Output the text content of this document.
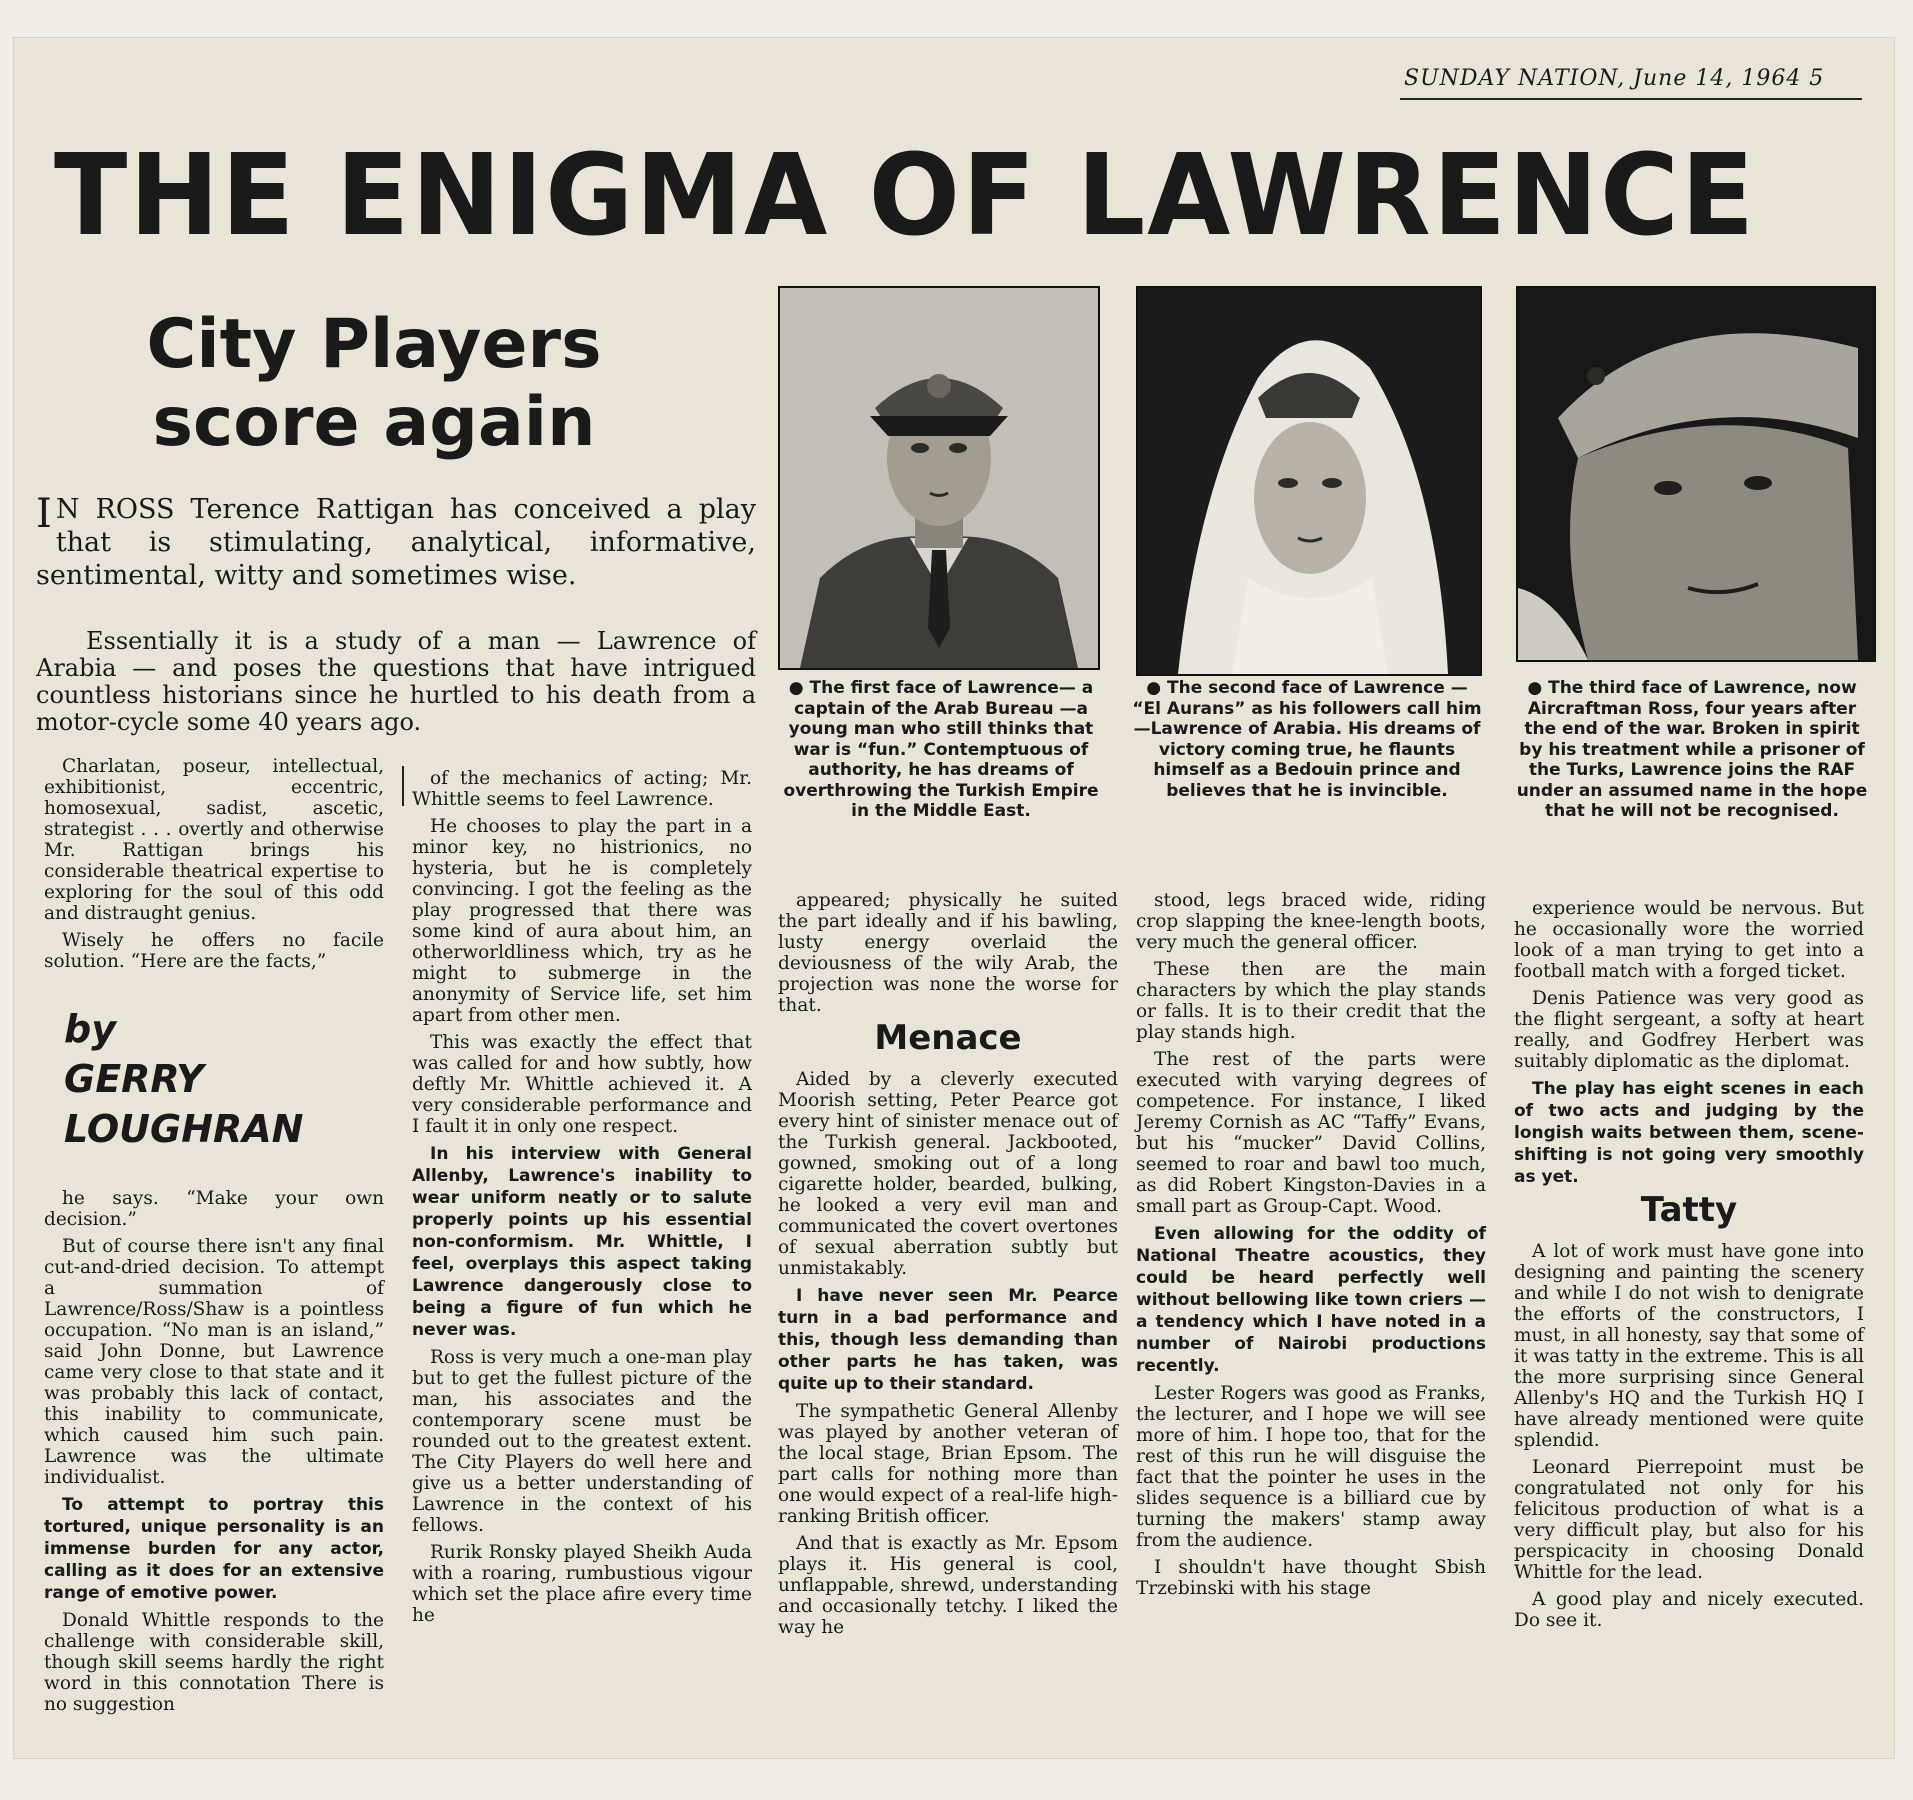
SUNDAY NATION, June 14, 1964 5
THE ENIGMA OF LAWRENCE
City Players
score again
I N ROSS Terence Rattigan has conceived a play that is stimulating, analytical, informative, sentimental, witty and sometimes wise.
Essentially it is a study of a man — Lawrence of Arabia — and poses the questions that have intrigued countless historians since he hurtled to his death from a motor-cycle some 40 years ago.

Charlatan, poseur, intellectual, exhibitionist, eccentric, homosexual, sadist, ascetic, strategist . . . overtly and otherwise Mr. Rattigan brings his considerable theatrical expertise to exploring for the soul of this odd and distraught genius.

Wisely he offers no facile solution. “Here are the facts,”

by
GERRY
LOUGHRAN

he says. “Make your own decision.”

But of course there isn't any final cut-and-dried decision. To attempt a summation of Lawrence/Ross/Shaw is a pointless occupation. “No man is an island,” said John Donne, but Lawrence came very close to that state and it was probably this lack of contact, this inability to communicate, which caused him such pain. Lawrence was the ultimate individualist.

To attempt to portray this tortured, unique personality is an immense burden for any actor, calling as it does for an extensive range of emotive power.

Donald Whittle responds to the challenge with considerable skill, though skill seems hardly the right word in this connotation There is no suggestion

of the mechanics of acting; Mr. Whittle seems to feel Lawrence.

He chooses to play the part in a minor key, no histrionics, no hysteria, but he is completely convincing. I got the feeling as the play progressed that there was some kind of aura about him, an otherworldliness which, try as he might to submerge in the anonymity of Service life, set him apart from other men.

This was exactly the effect that was called for and how subtly, how deftly Mr. Whittle achieved it. A very considerable performance and I fault it in only one respect.

In his interview with General Allenby, Lawrence's inability to wear uniform neatly or to salute properly points up his essential non-conformism. Mr. Whittle, I feel, overplays this aspect taking Lawrence dangerously close to being a figure of fun which he never was.

Ross is very much a one-man play but to get the fullest picture of the man, his associates and the contemporary scene must be rounded out to the greatest extent. The City Players do well here and give us a better understanding of Lawrence in the context of his fellows.

Rurik Ronsky played Sheikh Auda with a roaring, rumbustious vigour which set the place afire every time he

● The first face of Lawrence— a captain of the Arab Bureau —a young man who still thinks that war is “fun.” Contemptuous of authority, he has dreams of overthrowing the Turkish Empire in the Middle East.
● The second face of Lawrence — “El Aurans” as his followers call him—Lawrence of Arabia. His dreams of victory coming true, he flaunts himself as a Bedouin prince and believes that he is invincible.
● The third face of Lawrence, now Aircraftman Ross, four years after the end of the war. Broken in spirit by his treatment while a prisoner of the Turks, Lawrence joins the RAF under an assumed name in the hope that he will not be recognised.

appeared; physically he suited the part ideally and if his bawling, lusty energy overlaid the deviousness of the wily Arab, the projection was none the worse for that.

Menace

Aided by a cleverly executed Moorish setting, Peter Pearce got every hint of sinister menace out of the Turkish general. Jackbooted, gowned, smoking out of a long cigarette holder, bearded, bulking, he looked a very evil man and communicated the covert overtones of sexual aberration subtly but unmistakably.

I have never seen Mr. Pearce turn in a bad performance and this, though less demanding than other parts he has taken, was quite up to their standard.

The sympathetic General Allenby was played by another veteran of the local stage, Brian Epsom. The part calls for nothing more than one would expect of a real-life high-ranking British officer.

And that is exactly as Mr. Epsom plays it. His general is cool, unflappable, shrewd, understanding and occasionally tetchy. I liked the way he

stood, legs braced wide, riding crop slapping the knee-length boots, very much the general officer.

These then are the main characters by which the play stands or falls. It is to their credit that the play stands high.

The rest of the parts were executed with varying degrees of competence. For instance, I liked Jeremy Cornish as AC “Taffy” Evans, but his “mucker” David Collins, seemed to roar and bawl too much, as did Robert Kingston-Davies in a small part as Group-Capt. Wood.

Even allowing for the oddity of National Theatre acoustics, they could be heard perfectly well without bellowing like town criers — a tendency which I have noted in a number of Nairobi productions recently.

Lester Rogers was good as Franks, the lecturer, and I hope we will see more of him. I hope too, that for the rest of this run he will disguise the fact that the pointer he uses in the slides sequence is a billiard cue by turning the makers' stamp away from the audience.

I shouldn't have thought Sbish Trzebinski with his stage

experience would be nervous. But he occasionally wore the worried look of a man trying to get into a football match with a forged ticket.

Denis Patience was very good as the flight sergeant, a softy at heart really, and Godfrey Herbert was suitably diplomatic as the diplomat.

The play has eight scenes in each of two acts and judging by the longish waits between them, scene-shifting is not going very smoothly as yet.

Tatty

A lot of work must have gone into designing and painting the scenery and while I do not wish to denigrate the efforts of the constructors, I must, in all honesty, say that some of it was tatty in the extreme. This is all the more surprising since General Allenby's HQ and the Turkish HQ I have already mentioned were quite splendid.

Leonard Pierrepoint must be congratulated not only for his felicitous production of what is a very difficult play, but also for his perspicacity in choosing Donald Whittle for the lead.

A good play and nicely executed. Do see it.
